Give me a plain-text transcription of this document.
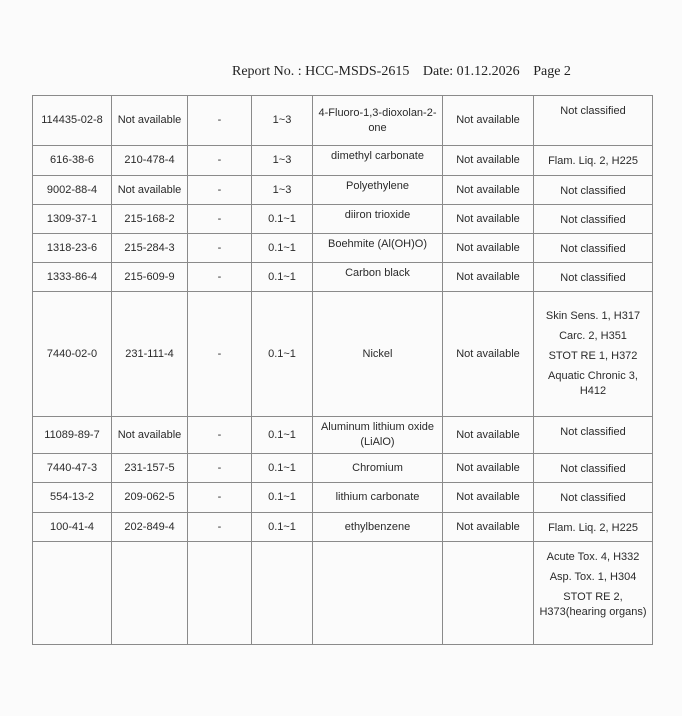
Report No. : HCC-MSDS-2615 Date: 01.12.2026 Page 2
114435-02-8	Not available	-	1~3	4-Fluoro-1,3-dioxolan-2-one	Not available	Not classified

616-38-6	210-478-4	-	1~3	dimethyl carbonate	Not available	Flam. Liq. 2, H225

9002-88-4	Not available	-	1~3	Polyethylene	Not available	Not classified

1309-37-1	215-168-2	-	0.1~1	diiron trioxide	Not available	Not classified

1318-23-6	215-284-3	-	0.1~1	Boehmite (Al(OH)O)	Not available	Not classified

1333-86-4	215-609-9	-	0.1~1	Carbon black	Not available	Not classified

7440-02-0	231-111-4	-	0.1~1	Nickel	Not available	Skin Sens. 1, H317
Carc. 2, H351
STOT RE 1, H372
Aquatic Chronic 3, H412

11089-89-7	Not available	-	0.1~1	Aluminum lithium oxide (LiAlO)	Not available	Not classified

7440-47-3	231-157-5	-	0.1~1	Chromium	Not available	Not classified

554-13-2	209-062-5	-	0.1~1	lithium carbonate	Not available	Not classified

100-41-4	202-849-4	-	0.1~1	ethylbenzene	Not available	Flam. Liq. 2, H225

						Acute Tox. 4, H332
Asp. Tox. 1, H304
STOT RE 2, H373(hearing organs)
